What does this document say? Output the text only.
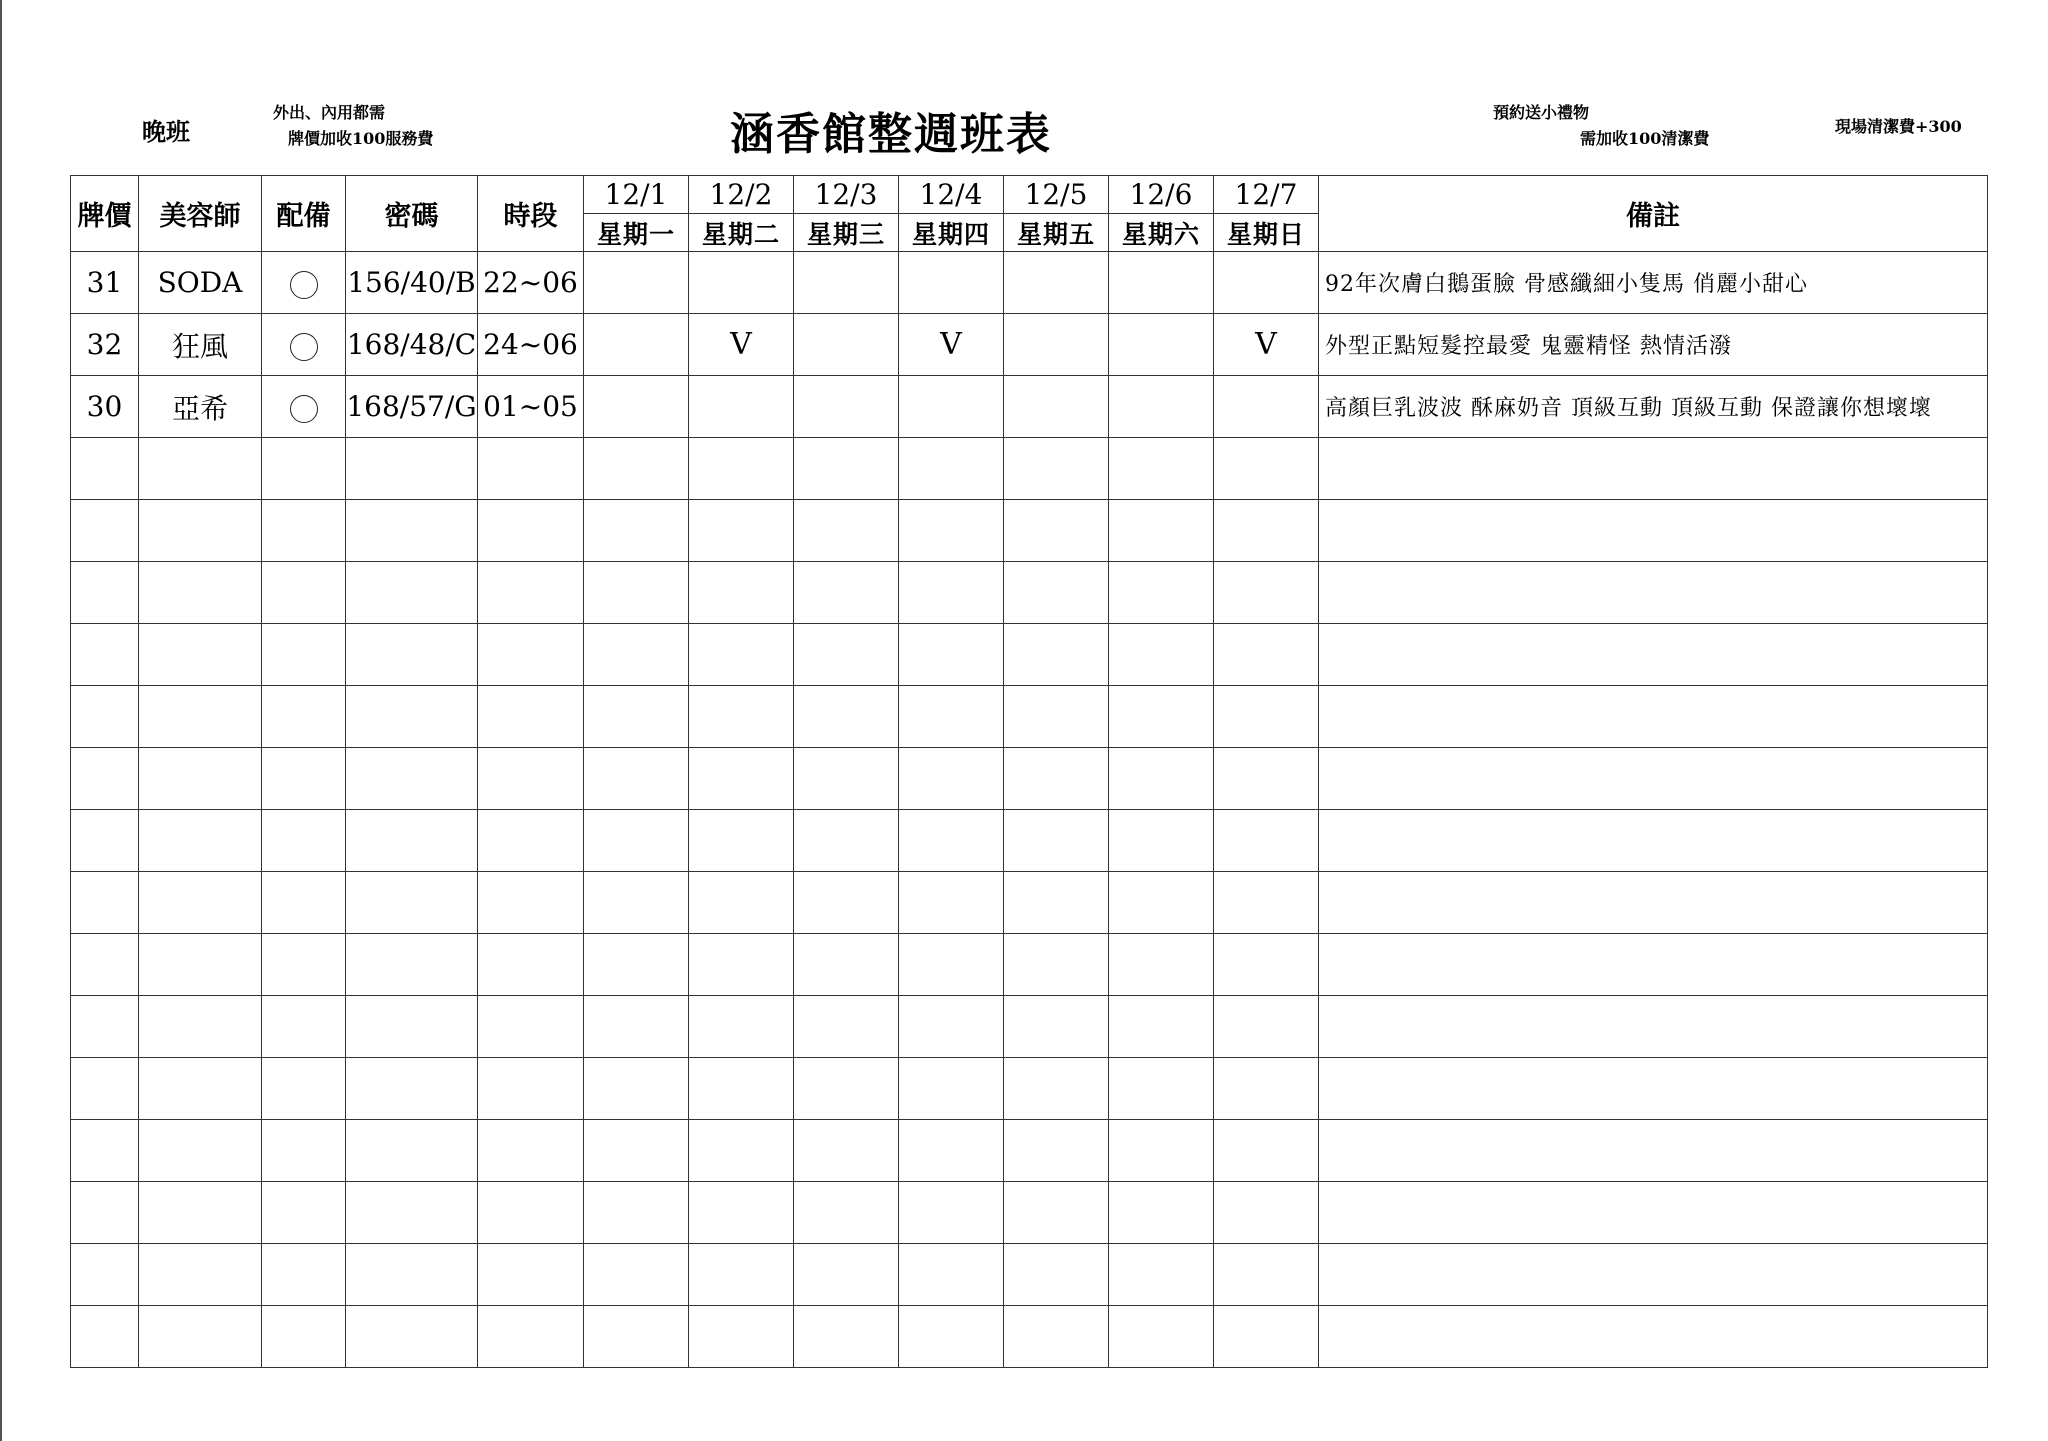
晚班
外出、內用都需
牌價加收100服務費	涵香館整週班表	預約送小禮物
需加收100清潔費
現場清潔費+300
牌價	美容師	配備	密碼	時段	12/1	12/2	12/3	12/4	12/5	12/6	12/7	備註
					星期一	星期二	星期三	星期四	星期五	星期六	星期日	
31	SODA		156/40/B	22~06								92年次膚白鵝蛋臉 骨感纖細小隻馬 俏麗小甜心
32	狂風		168/48/C	24~06		V		V			V	外型正點短髮控最愛 鬼靈精怪 熱情活潑
30	亞希		168/57/G	01~05								高顏巨乳波波 酥麻奶音 頂級互動 頂級互動 保證讓你想壞壞
